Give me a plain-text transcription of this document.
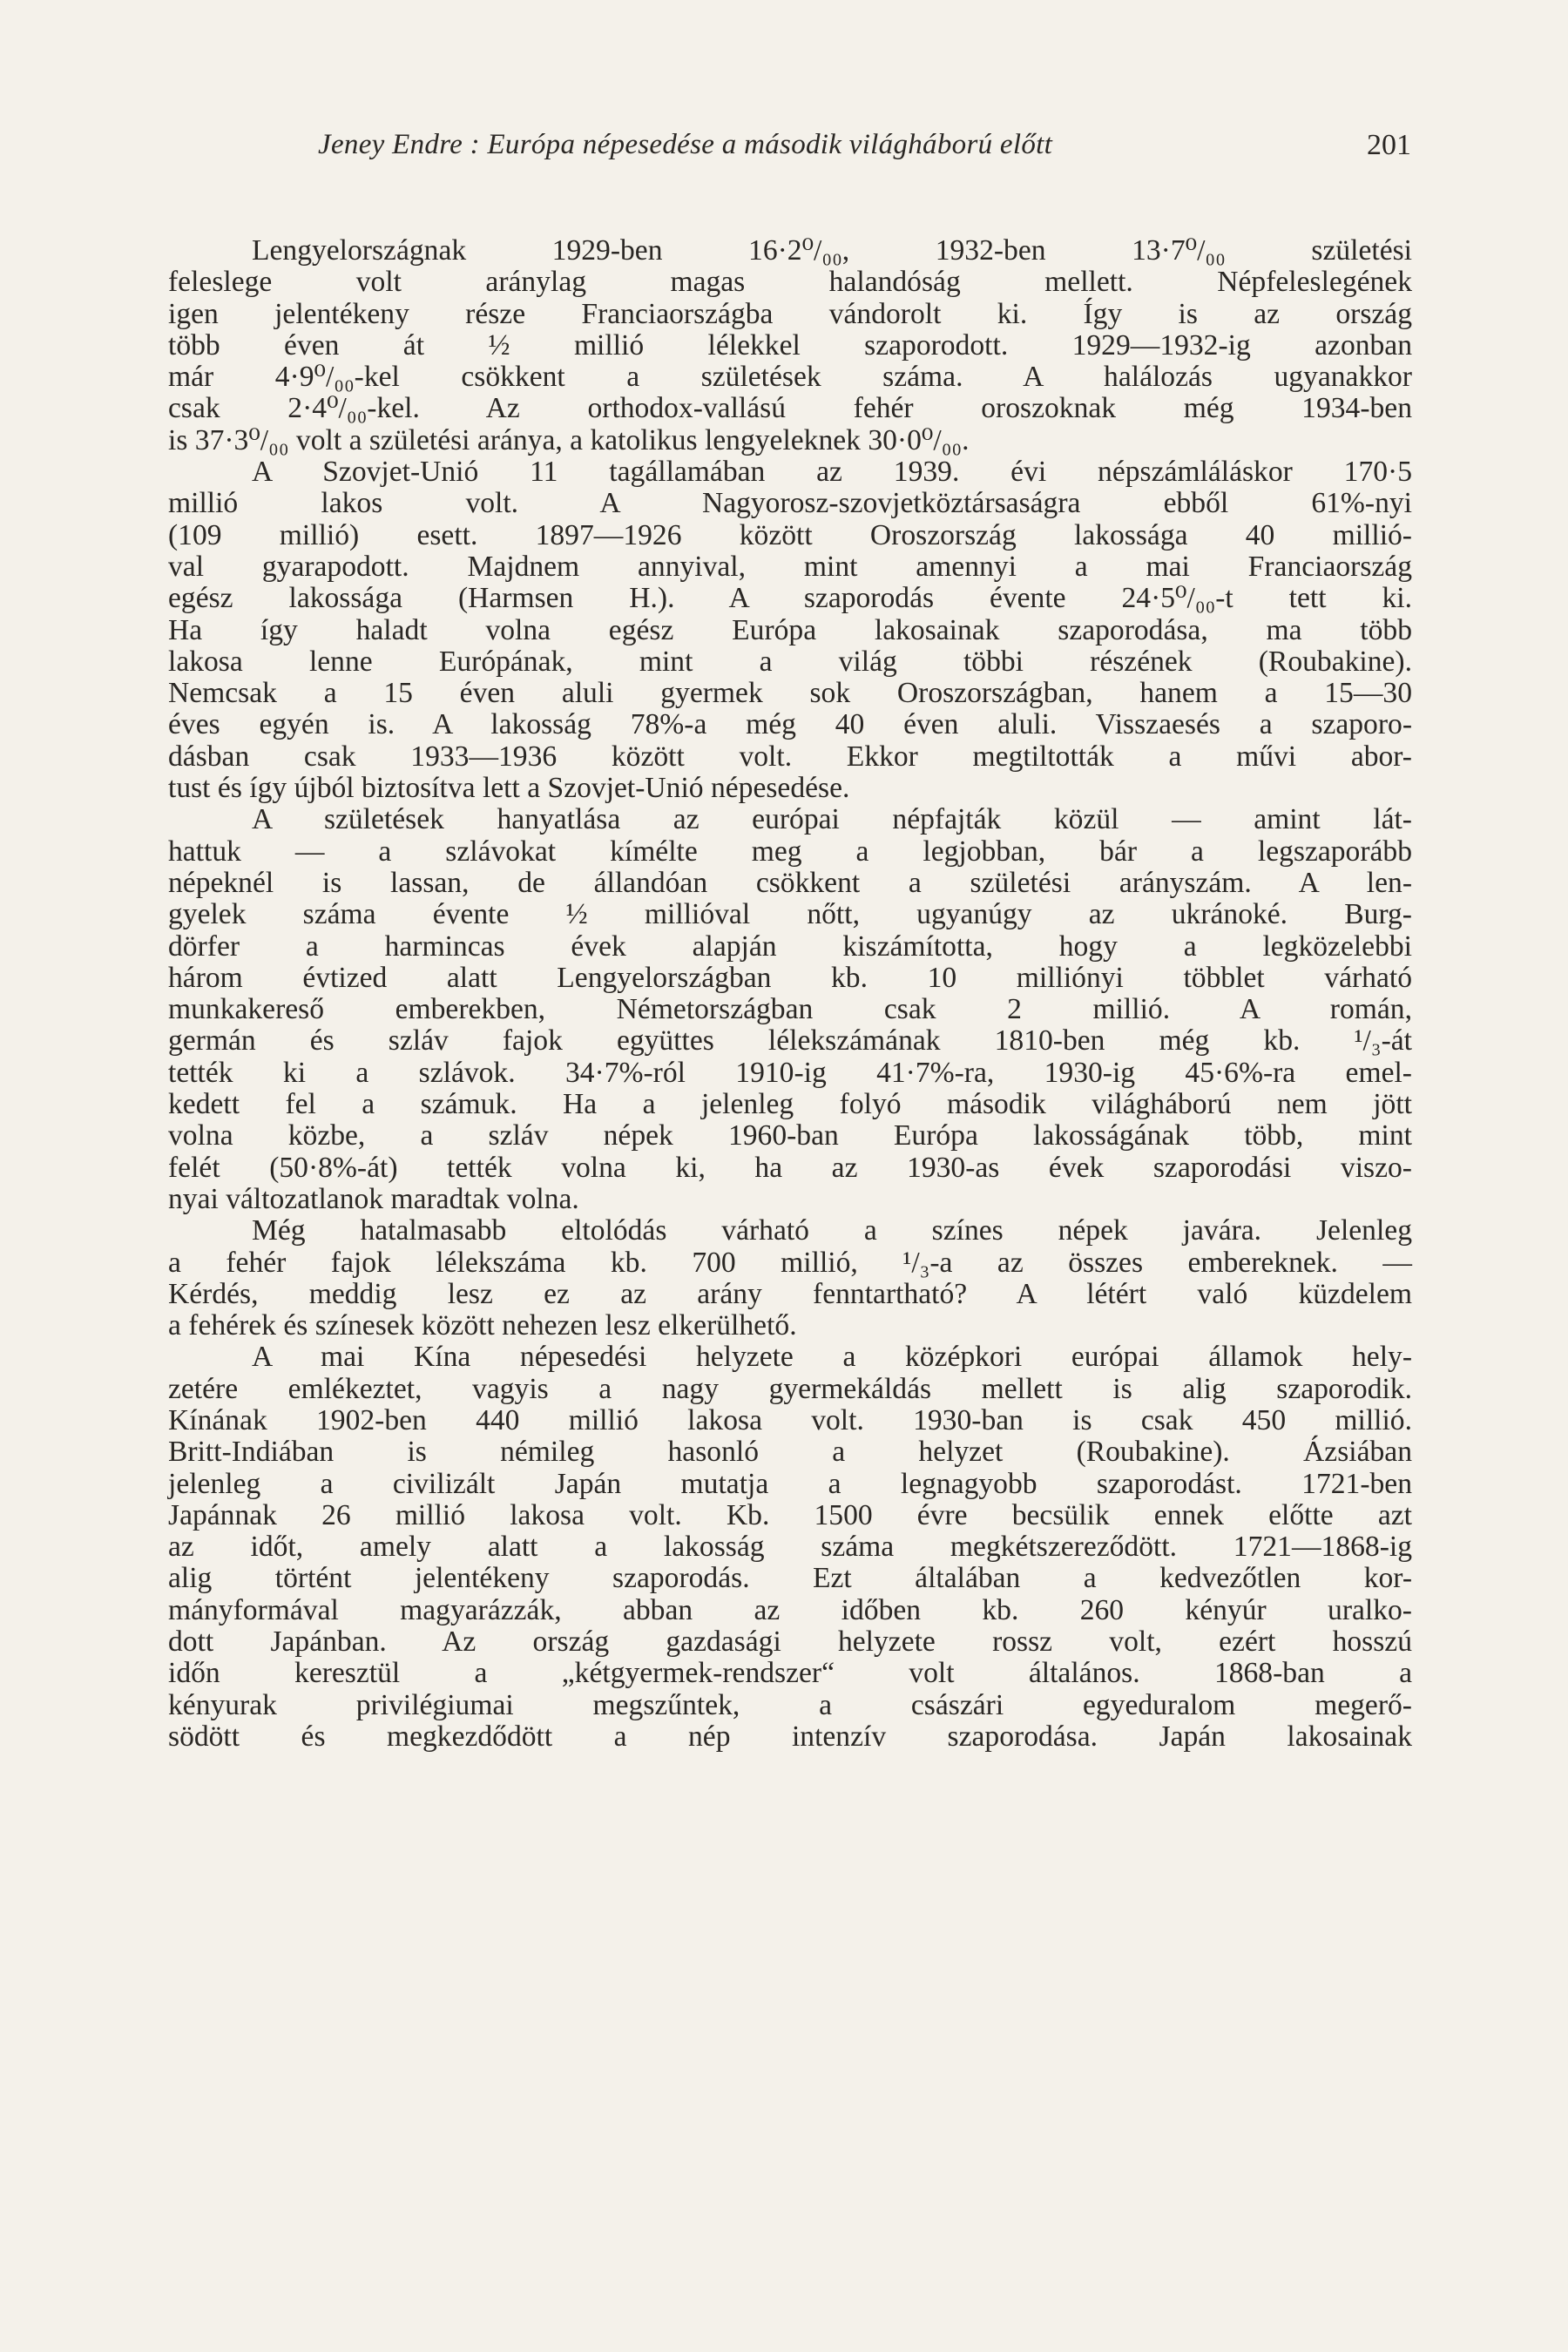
Jeney Endre : Európa népesedése a második világháború előtt	201
Lengyelországnak 1929-ben 16·2⁰/₀₀, 1932-ben 13·7⁰/₀₀ születési
feleslege volt aránylag magas halandóság mellett. Népfeleslegének
igen jelentékeny része Franciaországba vándorolt ki. Így is az ország
több éven át ½ millió lélekkel szaporodott. 1929—1932-ig azonban
már 4·9⁰/₀₀-kel csökkent a születések száma. A halálozás ugyanakkor
csak 2·4⁰/₀₀-kel. Az orthodox-vallású fehér oroszoknak még 1934-ben
is 37·3⁰/₀₀ volt a születési aránya, a katolikus lengyeleknek 30·0⁰/₀₀.
A Szovjet-Unió 11 tagállamában az 1939. évi népszámláláskor 170·5
millió lakos volt. A Nagyorosz-szovjetköztársaságra ebből 61%-nyi
(109 millió) esett. 1897—1926 között Oroszország lakossága 40 millió-
val gyarapodott. Majdnem annyival, mint amennyi a mai Franciaország
egész lakossága (Harmsen H.). A szaporodás évente 24·5⁰/₀₀-t tett ki.
Ha így haladt volna egész Európa lakosainak szaporodása, ma több
lakosa lenne Európának, mint a világ többi részének (Roubakine).
Nemcsak a 15 éven aluli gyermek sok Oroszországban, hanem a 15—30
éves egyén is. A lakosság 78%-a még 40 éven aluli. Visszaesés a szaporo-
dásban csak 1933—1936 között volt. Ekkor megtiltották a művi abor-
tust és így újból biztosítva lett a Szovjet-Unió népesedése.
A születések hanyatlása az európai népfajták közül — amint lát-
hattuk — a szlávokat kímélte meg a legjobban, bár a legszaporább
népeknél is lassan, de állandóan csökkent a születési arányszám. A len-
gyelek száma évente ½ millióval nőtt, ugyanúgy az ukránoké. Burg-
dörfer a harmincas évek alapján kiszámította, hogy a legközelebbi
három évtized alatt Lengyelországban kb. 10 milliónyi többlet várható
munkakereső emberekben, Németországban csak 2 millió. A román,
germán és szláv fajok együttes lélekszámának 1810-ben még kb. ¹/₃-át
tették ki a szlávok. 34·7%-ról 1910-ig 41·7%-ra, 1930-ig 45·6%-ra emel-
kedett fel a számuk. Ha a jelenleg folyó második világháború nem jött
volna közbe, a szláv népek 1960-ban Európa lakosságának több, mint
felét (50·8%-át) tették volna ki, ha az 1930-as évek szaporodási viszo-
nyai változatlanok maradtak volna.
Még hatalmasabb eltolódás várható a színes népek javára. Jelenleg
a fehér fajok lélekszáma kb. 700 millió, ¹/₃-a az összes embereknek. —
Kérdés, meddig lesz ez az arány fenntartható? A létért való küzdelem
a fehérek és színesek között nehezen lesz elkerülhető.
A mai Kína népesedési helyzete a középkori európai államok hely-
zetére emlékeztet, vagyis a nagy gyermekáldás mellett is alig szaporodik.
Kínának 1902-ben 440 millió lakosa volt. 1930-ban is csak 450 millió.
Britt-Indiában is némileg hasonló a helyzet (Roubakine). Ázsiában
jelenleg a civilizált Japán mutatja a legnagyobb szaporodást. 1721-ben
Japánnak 26 millió lakosa volt. Kb. 1500 évre becsülik ennek előtte azt
az időt, amely alatt a lakosság száma megkétszereződött. 1721—1868-ig
alig történt jelentékeny szaporodás. Ezt általában a kedvezőtlen kor-
mányformával magyarázzák, abban az időben kb. 260 kényúr uralko-
dott Japánban. Az ország gazdasági helyzete rossz volt, ezért hosszú
időn keresztül a „kétgyermek-rendszer“ volt általános. 1868-ban a
kényurak privilégiumai megszűntek, a császári egyeduralom megerő-
södött és megkezdődött a nép intenzív szaporodása. Japán lakosainak
